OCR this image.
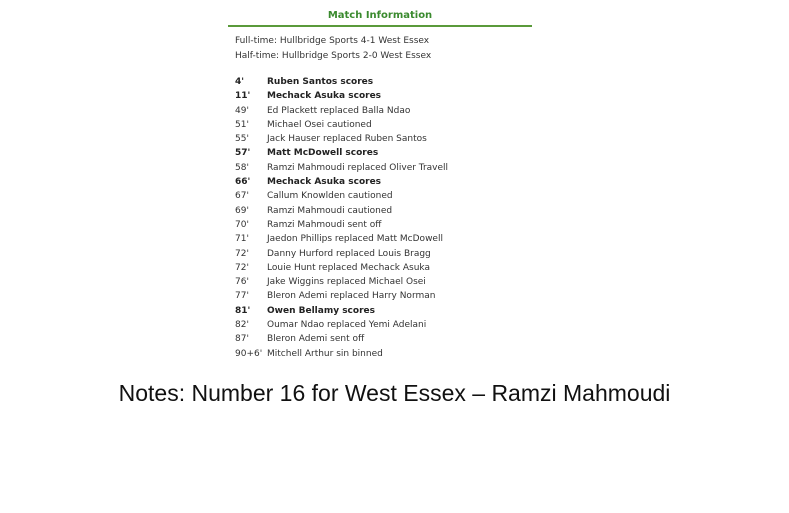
Match Information
Full-time: Hullbridge Sports 4-1 West Essex
Half-time: Hullbridge Sports 2-0 West Essex
4'	Ruben Santos scores
11'	Mechack Asuka scores
49'	Ed Plackett replaced Balla Ndao
51'	Michael Osei cautioned
55'	Jack Hauser replaced Ruben Santos
57'	Matt McDowell scores
58'	Ramzi Mahmoudi replaced Oliver Travell
66'	Mechack Asuka scores
67'	Callum Knowlden cautioned
69'	Ramzi Mahmoudi cautioned
70'	Ramzi Mahmoudi sent off
71'	Jaedon Phillips replaced Matt McDowell
72'	Danny Hurford replaced Louis Bragg
72'	Louie Hunt replaced Mechack Asuka
76'	Jake Wiggins replaced Michael Osei
77'	Bleron Ademi replaced Harry Norman
81'	Owen Bellamy scores
82'	Oumar Ndao replaced Yemi Adelani
87'	Bleron Ademi sent off
90+6' Mitchell Arthur sin binned
Notes: Number 16 for West Essex – Ramzi Mahmoudi
